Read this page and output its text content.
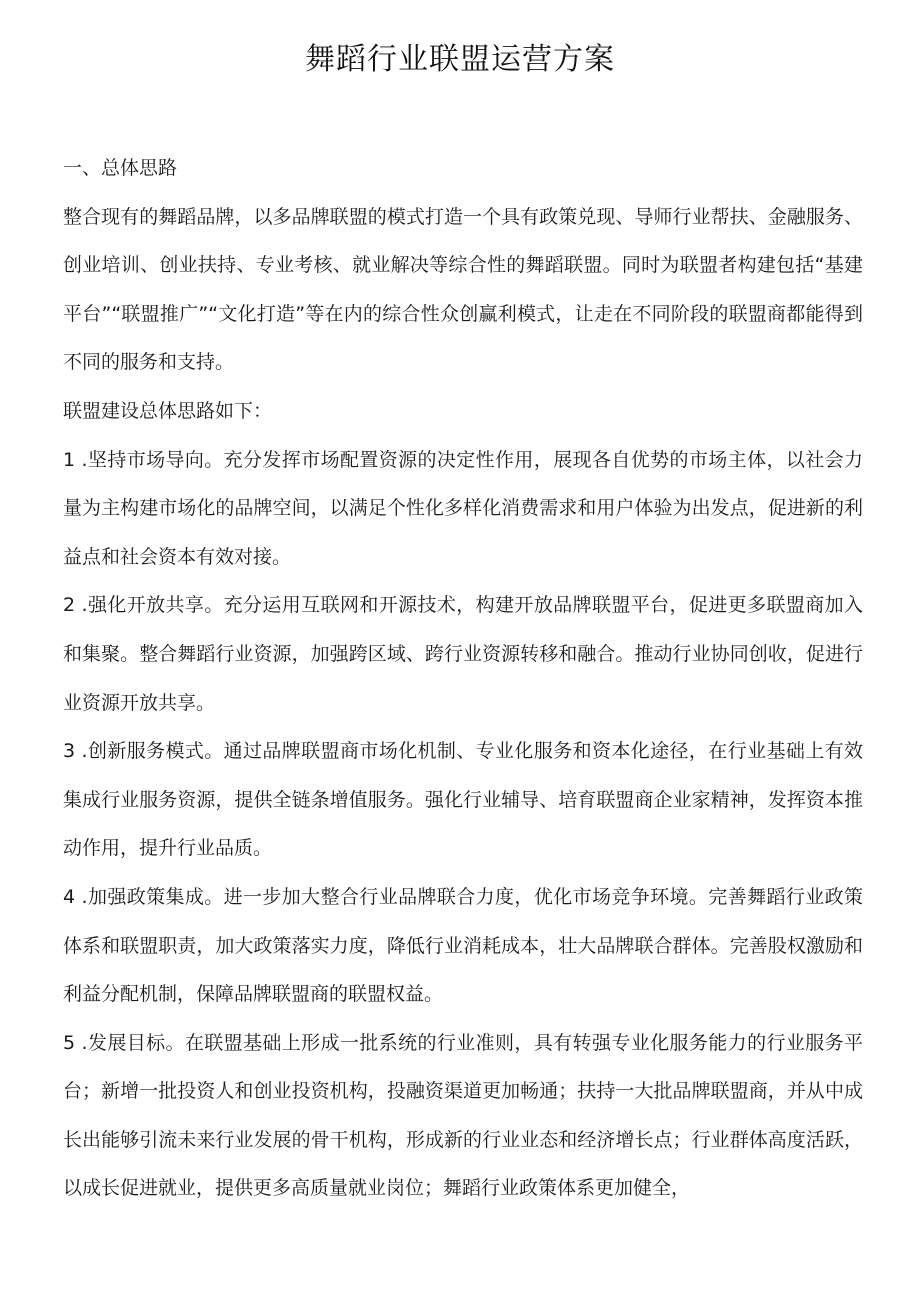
舞蹈行业联盟运营方案

一、总体思路

整合现有的舞蹈品牌，以多品牌联盟的模式打造一个具有政策兑现、导师行业帮扶、金融服务、创业培训、创业扶持、专业考核、就业解决等综合性的舞蹈联盟。同时为联盟者构建包括“基建平台”“联盟推广”“文化打造”等在内的综合性众创赢利模式，让走在不同阶段的联盟商都能得到不同的服务和支持。

联盟建设总体思路如下：

1 .坚持市场导向。充分发挥市场配置资源的决定性作用，展现各自优势的市场主体，以社会力量为主构建市场化的品牌空间，以满足个性化多样化消费需求和用户体验为出发点，促进新的利益点和社会资本有效对接。

2 .强化开放共享。充分运用互联网和开源技术，构建开放品牌联盟平台，促进更多联盟商加入和集聚。整合舞蹈行业资源，加强跨区域、跨行业资源转移和融合。推动行业协同创收，促进行业资源开放共享。

3 .创新服务模式。通过品牌联盟商市场化机制、专业化服务和资本化途径，在行业基础上有效集成行业服务资源，提供全链条增值服务。强化行业辅导、培育联盟商企业家精神，发挥资本推动作用，提升行业品质。

4 .加强政策集成。进一步加大整合行业品牌联合力度，优化市场竞争环境。完善舞蹈行业政策体系和联盟职责，加大政策落实力度，降低行业消耗成本，壮大品牌联合群体。完善股权激励和利益分配机制，保障品牌联盟商的联盟权益。

5 .发展目标。在联盟基础上形成一批系统的行业准则，具有转强专业化服务能力的行业服务平台；新增一批投资人和创业投资机构，投融资渠道更加畅通；扶持一大批品牌联盟商，并从中成长出能够引流未来行业发展的骨干机构，形成新的行业业态和经济增长点；行业群体高度活跃，以成长促进就业，提供更多高质量就业岗位；舞蹈行业政策体系更加健全，
